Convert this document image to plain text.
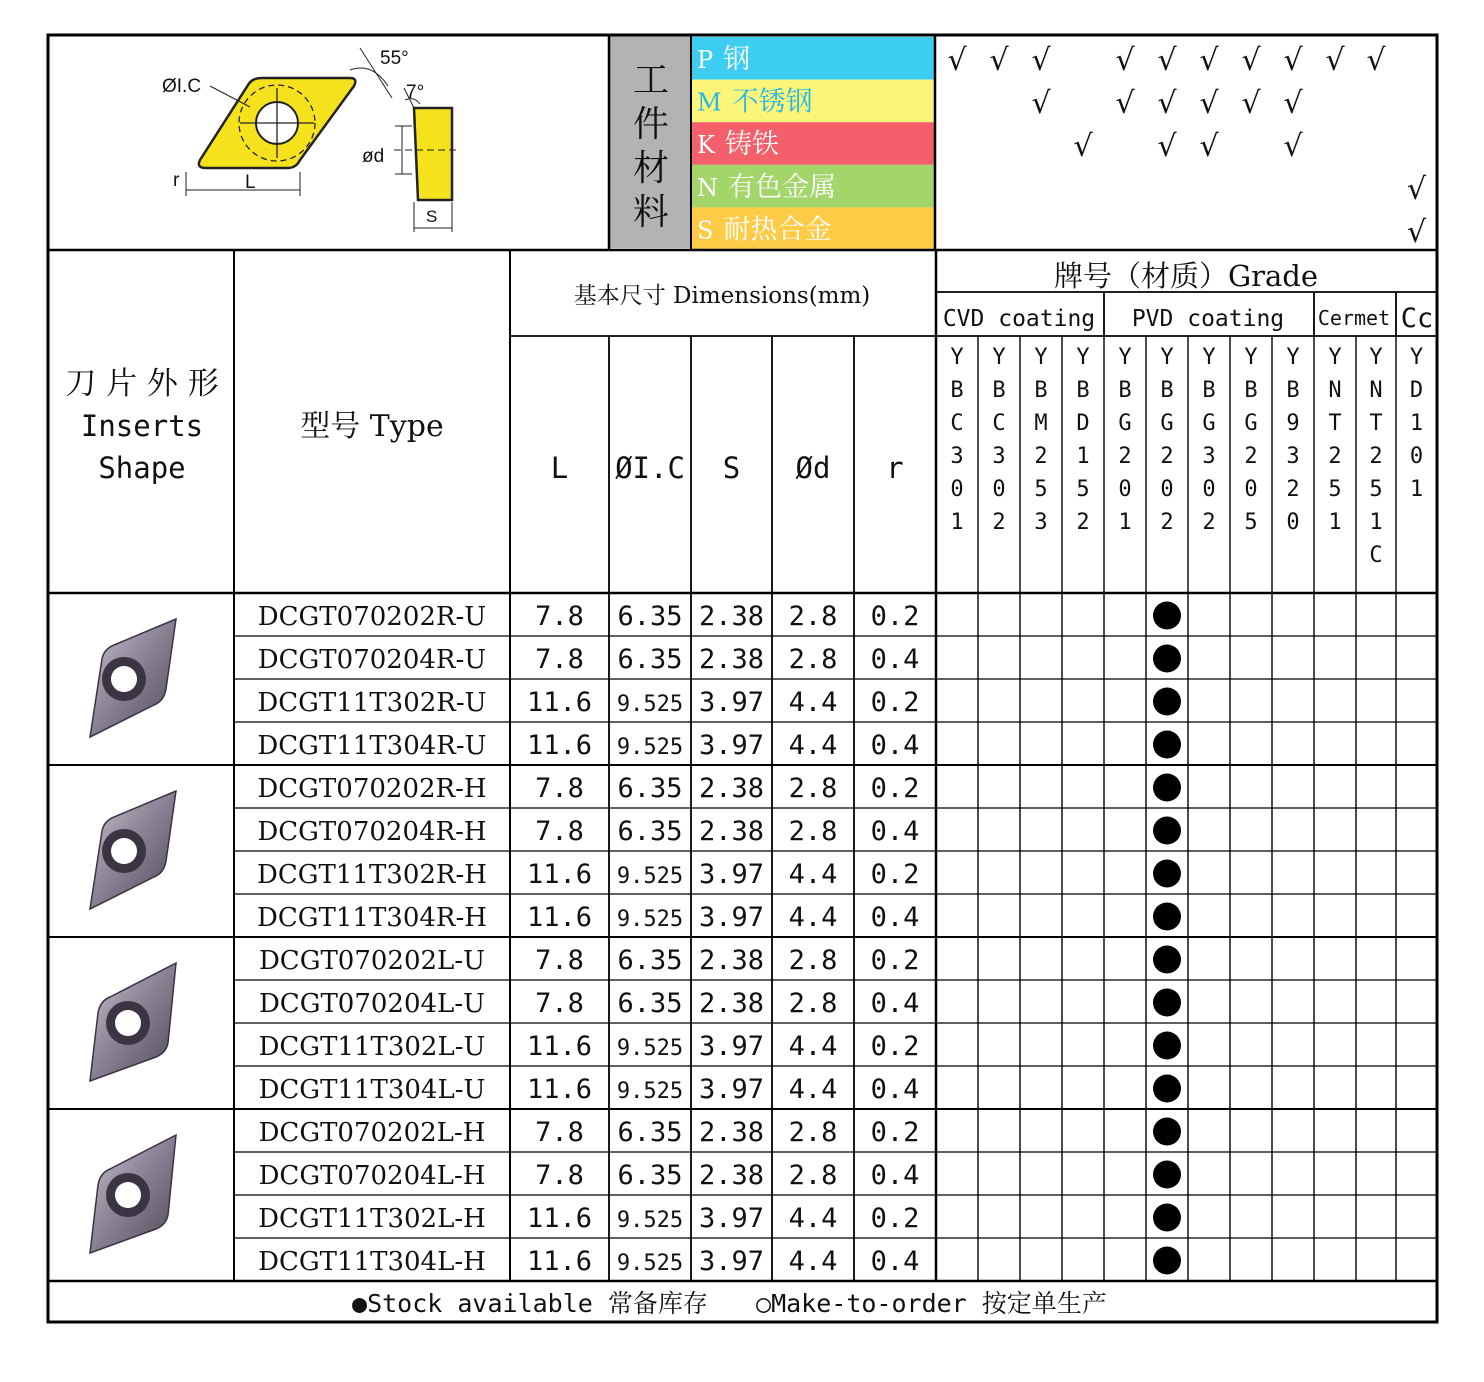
ØI.C
55°
r	L
7°
ød
S
工
件
材
料
P 钢
M 不锈钢
K 铸铁
N 有色金属
S 耐热合金
√ √ √ √ √ √ √ √ √ √
√ √ √ √ √ √
√ √ √ √
√
√
刀 片 外 形
Inserts
Shape
型号 Type
基本尺寸 Dimensions(mm)
牌号（材质）Grade
CVD coating PVD coating Cermet Cc
L ØI.C S Ød r
Y B C 3 0 1
Y B C 3 0 2
Y B M 2 5 3
Y B D 1 5 2
Y B G 2 0 1
Y B G 2 0 2
Y B G 3 0 2
Y B G 2 0 5
Y B 9 3 2 0
Y N T 2 5 1
Y N T 2 5 1 C
Y D 1 0 1
DCGT070202R-U 7.8 6.35 2.38 2.8 0.2
DCGT070204R-U 7.8 6.35 2.38 2.8 0.4
DCGT11T302R-U 11.6 9.525 3.97 4.4 0.2
DCGT11T304R-U 11.6 9.525 3.97 4.4 0.4
DCGT070202R-H 7.8 6.35 2.38 2.8 0.2
DCGT070204R-H 7.8 6.35 2.38 2.8 0.4
DCGT11T302R-H 11.6 9.525 3.97 4.4 0.2
DCGT11T304R-H 11.6 9.525 3.97 4.4 0.4
DCGT070202L-U 7.8 6.35 2.38 2.8 0.2
DCGT070204L-U 7.8 6.35 2.38 2.8 0.4
DCGT11T302L-U 11.6 9.525 3.97 4.4 0.2
DCGT11T304L-U 11.6 9.525 3.97 4.4 0.4
DCGT070202L-H 7.8 6.35 2.38 2.8 0.2
DCGT070204L-H 7.8 6.35 2.38 2.8 0.4
DCGT11T302L-H 11.6 9.525 3.97 4.4 0.2
DCGT11T304L-H 11.6 9.525 3.97 4.4 0.4
●Stock available 常备库存 ○Make-to-order 按定单生产
